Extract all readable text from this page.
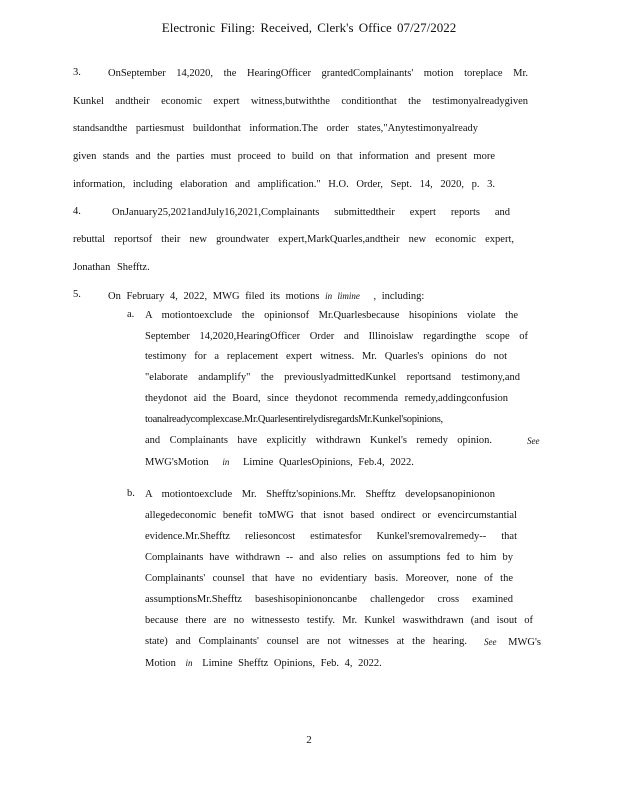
Electronic Filing: Received, Clerk's Office 07/27/2022
3.	OnSeptember 14,2020, the HearingOfficer grantedComplainants' motion toreplace Mr.
Kunkel andtheir economic expert witness,butwiththe conditionthat the testimonyalreadygiven
standsandthe partiesmust buildonthat information.The order states,"Anytestimonyalready
given stands and the parties must proceed to build on that information and present more
information, including elaboration and amplification." H.O. Order, Sept. 14, 2020, p. 3.
4.	OnJanuary25,2021andJuly16,2021,Complainants submittedtheir expert reports and
rebuttal reportsof their new groundwater expert,MarkQuarles,andtheir new economic expert,
Jonathan Shefftz.
5.	On February 4, 2022, MWG filed its motions in limine , including:
a. A motiontoexclude the opinionsof Mr.Quarlesbecause hisopinions violate the
September 14,2020,HearingOfficer Order and Illinoislaw regardingthe scope of
testimony for a replacement expert witness. Mr. Quarles's opinions do not
"elaborate andamplify" the previouslyadmittedKunkel reportsand testimony,and
theydonot aid the Board, since theydonot recommenda remedy,addingconfusion
toanalreadycomplexcase.Mr.QuarlesentirelydisregardsMr.Kunkel'sopinions,
and Complainants have explicitly withdrawn Kunkel's remedy opinion.	See
MWG'sMotion in Limine QuarlesOpinions, Feb.4, 2022.
b. A motiontoexclude Mr. Shefftz'sopinions.Mr. Shefftz developsanopinionon
allegedeconomic benefit toMWG that isnot based ondirect or evencircumstantial
evidence.Mr.Shefftz reliesoncost estimatesfor Kunkel'sremovalremedy-- that
Complainants have withdrawn -- and also relies on assumptions fed to him by
Complainants' counsel that have no evidentiary basis. Moreover, none of the
assumptionsMr.Shefftz baseshisopiniononcanbe challengedor cross examined
because there are no witnessesto testify. Mr. Kunkel waswithdrawn (and isout of
state) and Complainants' counsel are not witnesses at the hearing. See MWG's
Motion in Limine Shefftz Opinions, Feb. 4, 2022.
2
